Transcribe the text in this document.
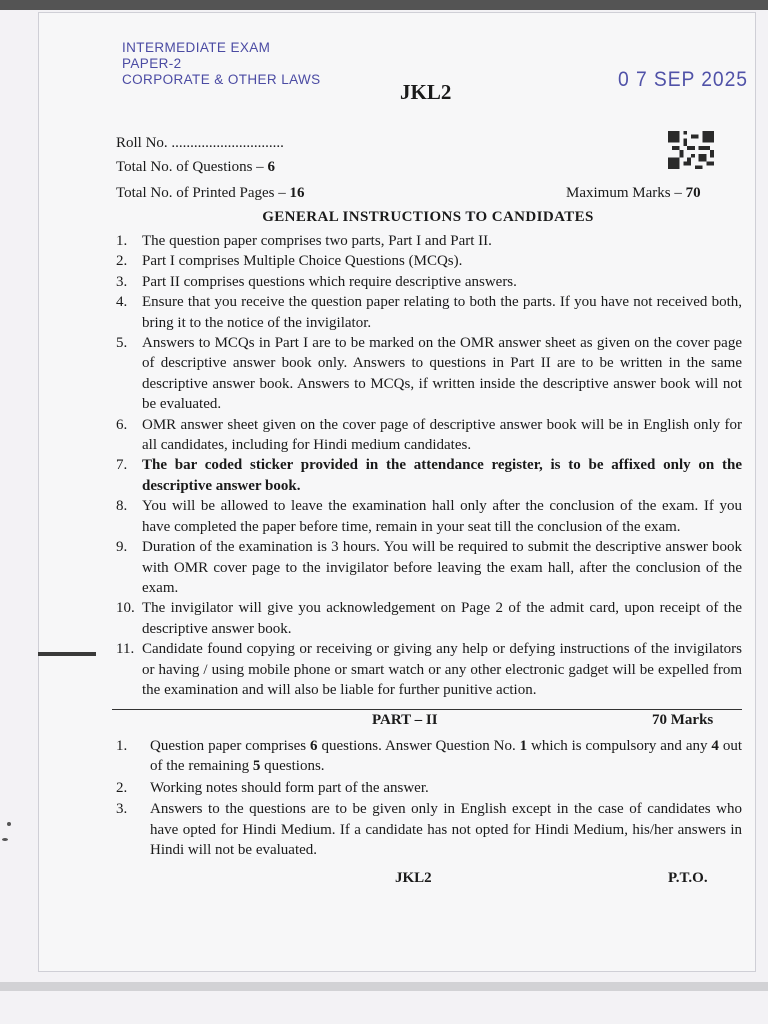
INTERMEDIATE EXAM
PAPER-2
CORPORATE & OTHER LAWS
JKL2
0 7 SEP 2025
Roll No. ..............................
Total No. of Questions – 6
Total No. of Printed Pages – 16	Maximum Marks – 70
GENERAL INSTRUCTIONS TO CANDIDATES
1. The question paper comprises two parts, Part I and Part II.
2. Part I comprises Multiple Choice Questions (MCQs).
3. Part II comprises questions which require descriptive answers.
4. Ensure that you receive the question paper relating to both the parts. If you have not received both, bring it to the notice of the invigilator.
5. Answers to MCQs in Part I are to be marked on the OMR answer sheet as given on the cover page of descriptive answer book only. Answers to questions in Part II are to be written in the same descriptive answer book. Answers to MCQs, if written inside the descriptive answer book will not be evaluated.
6. OMR answer sheet given on the cover page of descriptive answer book will be in English only for all candidates, including for Hindi medium candidates.
7. The bar coded sticker provided in the attendance register, is to be affixed only on the descriptive answer book.
8. You will be allowed to leave the examination hall only after the conclusion of the exam. If you have completed the paper before time, remain in your seat till the conclusion of the exam.
9. Duration of the examination is 3 hours. You will be required to submit the descriptive answer book with OMR cover page to the invigilator before leaving the exam hall, after the conclusion of the exam.
10. The invigilator will give you acknowledgement on Page 2 of the admit card, upon receipt of the descriptive answer book.
11. Candidate found copying or receiving or giving any help or defying instructions of the invigilators or having / using mobile phone or smart watch or any other electronic gadget will be expelled from the examination and will also be liable for further punitive action.
PART – II	70 Marks
1. Question paper comprises 6 questions. Answer Question No. 1 which is compulsory and any 4 out of the remaining 5 questions.
2. Working notes should form part of the answer.
3. Answers to the questions are to be given only in English except in the case of candidates who have opted for Hindi Medium. If a candidate has not opted for Hindi Medium, his/her answers in Hindi will not be evaluated.
JKL2	P.T.O.
